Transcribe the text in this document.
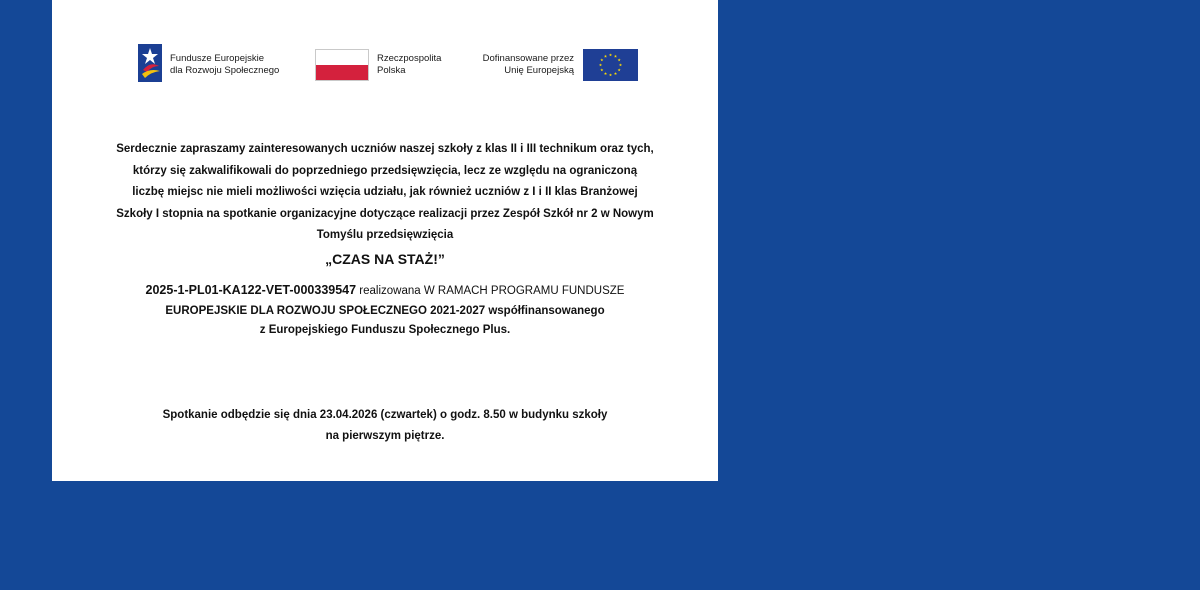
Fundusze Europejskie
dla Rozwoju Społecznego
Rzeczpospolita
Polska
Dofinansowane przez
Unię Europejską
Serdecznie zapraszamy zainteresowanych uczniów naszej szkoły z klas II i III technikum oraz tych,
którzy się zakwalifikowali do poprzedniego przedsięwzięcia, lecz ze względu na ograniczoną
liczbę miejsc nie mieli możliwości wzięcia udziału, jak również uczniów z I i II klas Branżowej
Szkoły I stopnia na spotkanie organizacyjne dotyczące realizacji przez Zespół Szkół nr 2 w Nowym
Tomyślu przedsięwzięcia
„CZAS NA STAŻ!”
2025-1-PL01-KA122-VET-000339547 realizowana W RAMACH PROGRAMU FUNDUSZE
EUROPEJSKIE DLA ROZWOJU SPOŁECZNEGO 2021-2027 współfinansowanego
z Europejskiego Funduszu Społecznego Plus.
Spotkanie odbędzie się dnia 23.04.2026 (czwartek) o godz. 8.50 w budynku szkoły
na pierwszym piętrze.
